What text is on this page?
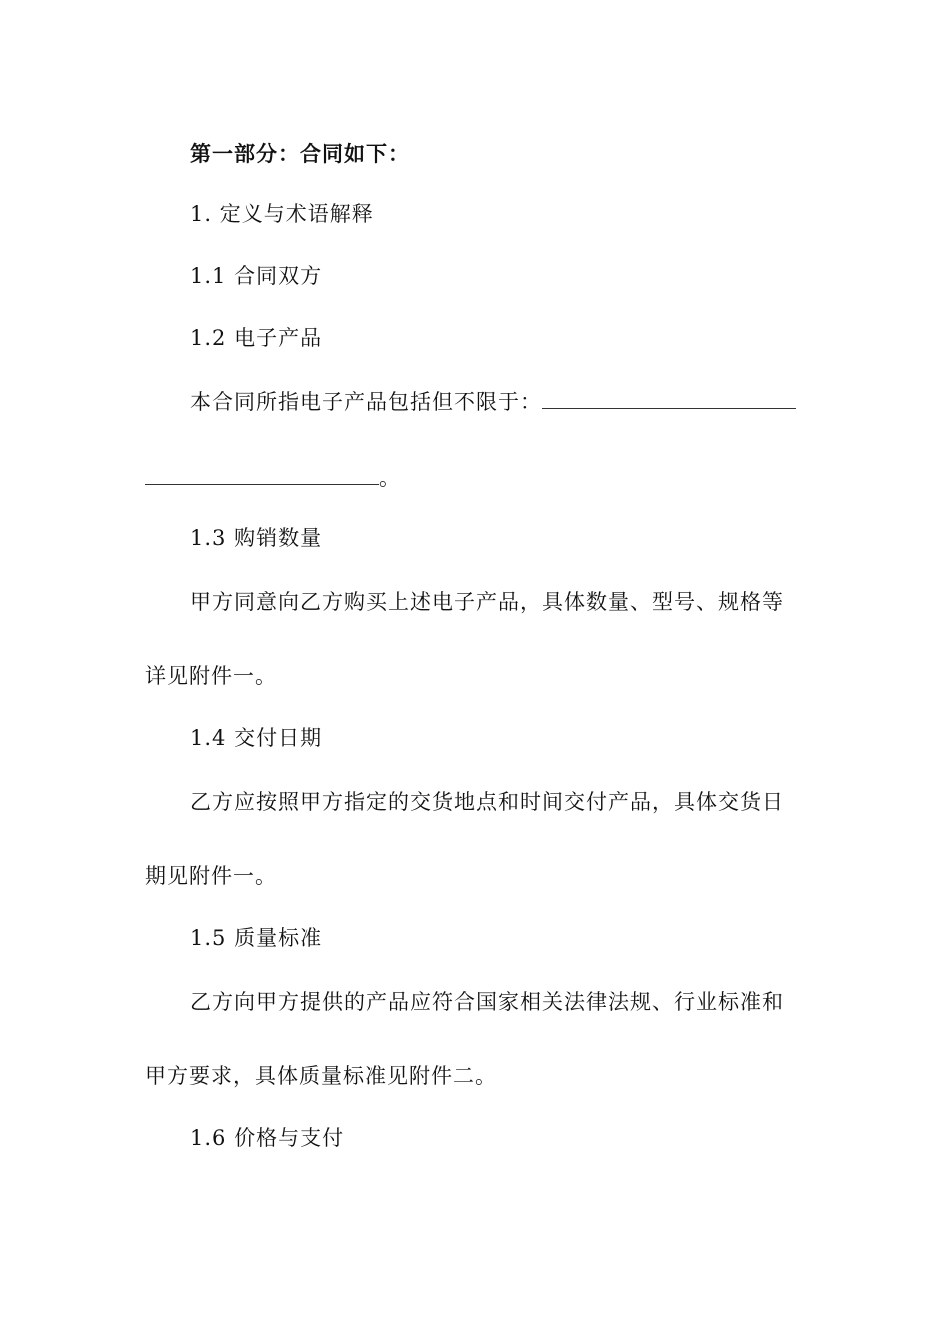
第一部分：合同如下：
1. 定义与术语解释
1.1 合同双方
1.2 电子产品
本合同所指电子产品包括但不限于：
。
1.3 购销数量
甲方同意向乙方购买上述电子产品，具体数量、型号、规格等
详见附件一。
1.4 交付日期
乙方应按照甲方指定的交货地点和时间交付产品，具体交货日
期见附件一。
1.5 质量标准
乙方向甲方提供的产品应符合国家相关法律法规、行业标准和
甲方要求，具体质量标准见附件二。
1.6 价格与支付
